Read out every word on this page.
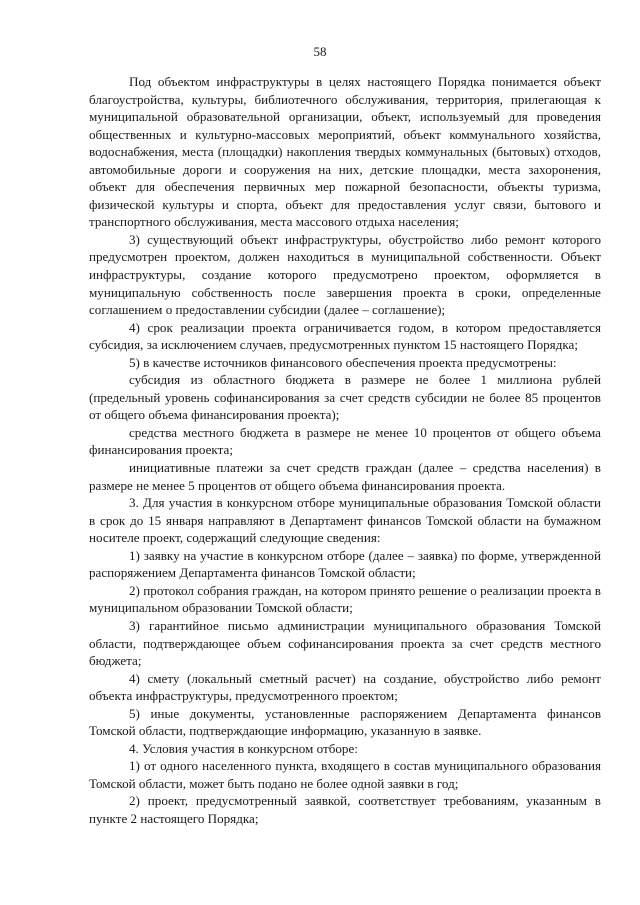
58

Под объектом инфраструктуры в целях настоящего Порядка понимается объект благоустройства, культуры, библиотечного обслуживания, территория, прилегающая к муниципальной образовательной организации, объект, используемый для проведения общественных и культурно-массовых мероприятий, объект коммунального хозяйства, водоснабжения, места (площадки) накопления твердых коммунальных (бытовых) отходов, автомобильные дороги и сооружения на них, детские площадки, места захоронения, объект для обеспечения первичных мер пожарной безопасности, объекты туризма, физической культуры и спорта, объект для предоставления услуг связи, бытового и транспортного обслуживания, места массового отдыха населения;

3) существующий объект инфраструктуры, обустройство либо ремонт которого предусмотрен проектом, должен находиться в муниципальной собственности. Объект инфраструктуры, создание которого предусмотрено проектом, оформляется в муниципальную собственность после завершения проекта в сроки, определенные соглашением о предоставлении субсидии (далее – соглашение);

4) срок реализации проекта ограничивается годом, в котором предоставляется субсидия, за исключением случаев, предусмотренных пунктом 15 настоящего Порядка;

5) в качестве источников финансового обеспечения проекта предусмотрены:

субсидия из областного бюджета в размере не более 1 миллиона рублей (предельный уровень софинансирования за счет средств субсидии не более 85 процентов от общего объема финансирования проекта);

средства местного бюджета в размере не менее 10 процентов от общего объема финансирования проекта;

инициативные платежи за счет средств граждан (далее – средства населения) в размере не менее 5 процентов от общего объема финансирования проекта.

3. Для участия в конкурсном отборе муниципальные образования Томской области в срок до 15 января направляют в Департамент финансов Томской области на бумажном носителе проект, содержащий следующие сведения:

1) заявку на участие в конкурсном отборе (далее – заявка) по форме, утвержденной распоряжением Департамента финансов Томской области;

2) протокол собрания граждан, на котором принято решение о реализации проекта в муниципальном образовании Томской области;

3) гарантийное письмо администрации муниципального образования Томской области, подтверждающее объем софинансирования проекта за счет средств местного бюджета;

4) смету (локальный сметный расчет) на создание, обустройство либо ремонт объекта инфраструктуры, предусмотренного проектом;

5) иные документы, установленные распоряжением Департамента финансов Томской области, подтверждающие информацию, указанную в заявке.

4. Условия участия в конкурсном отборе:

1) от одного населенного пункта, входящего в состав муниципального образования Томской области, может быть подано не более одной заявки в год;

2) проект, предусмотренный заявкой, соответствует требованиям, указанным в пункте 2 настоящего Порядка;
